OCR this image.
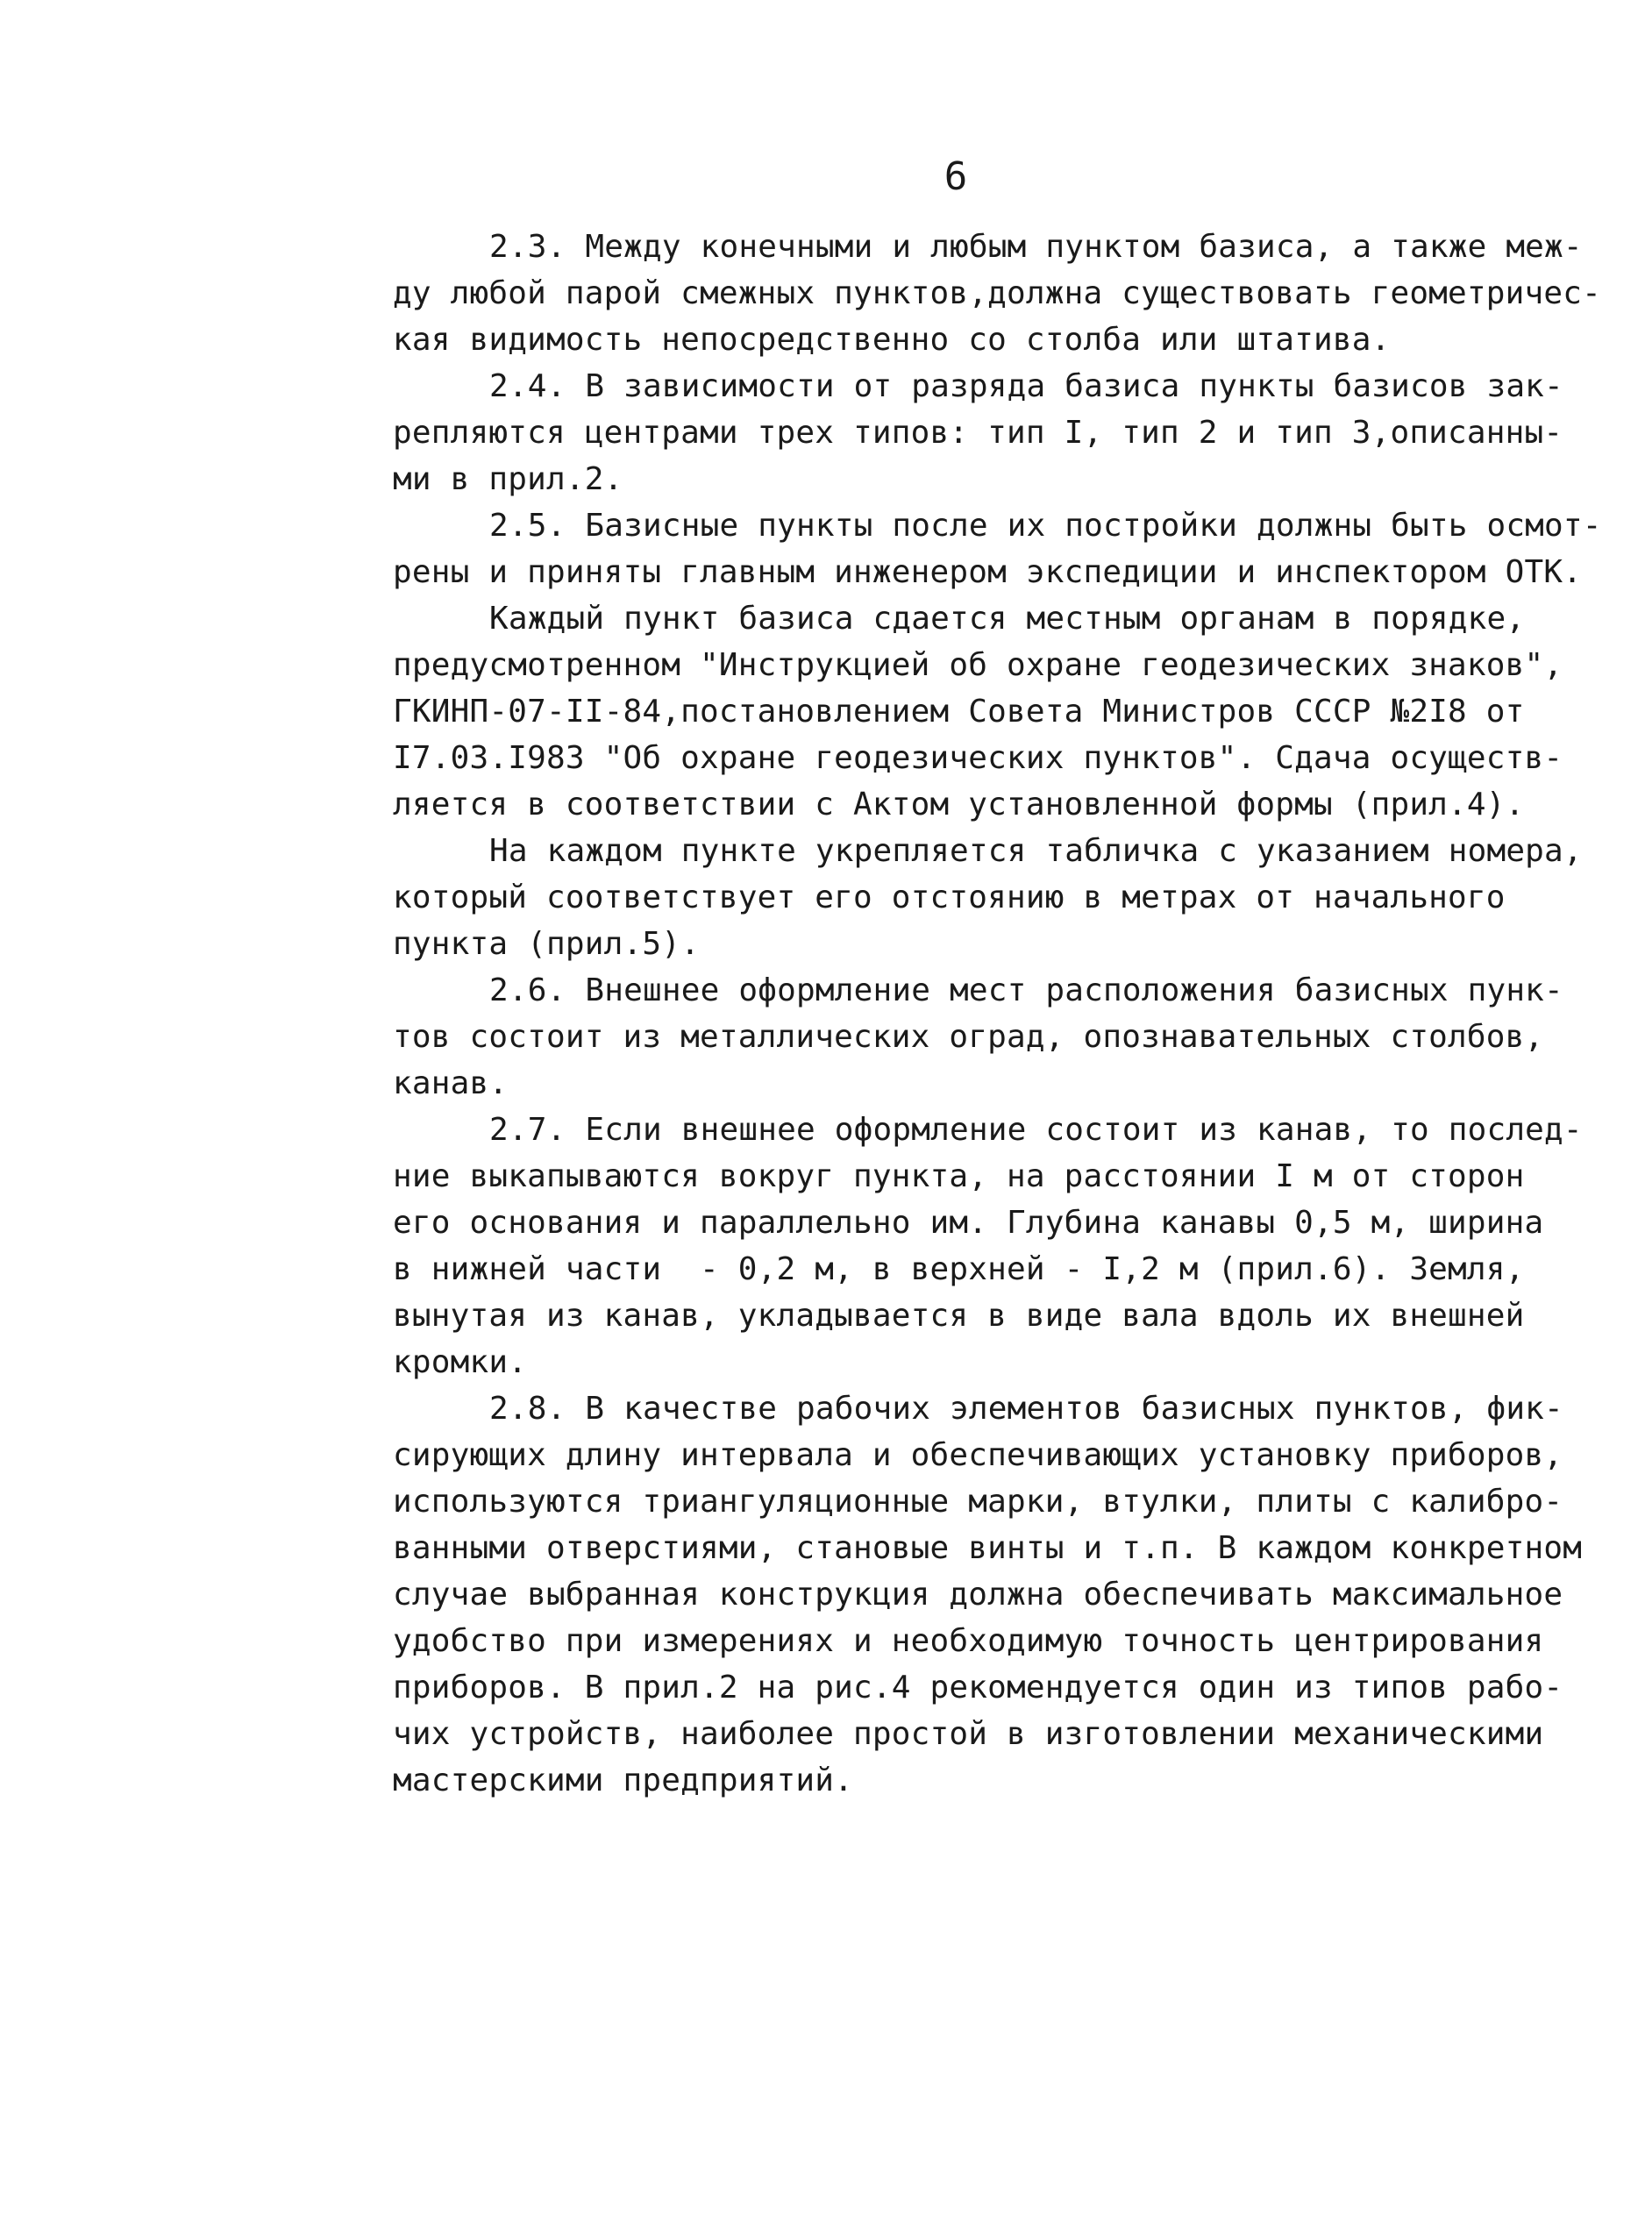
6
2.3. Между конечными и любым пунктом базиса, а также меж-
ду любой парой смежных пунктов,должна существовать геометричес-
кая видимость непосредственно со столба или штатива.
2.4. В зависимости от разряда базиса пункты базисов зак-
репляются центрами трех типов: тип I, тип 2 и тип 3,описанны-
ми в прил.2.
2.5. Базисные пункты после их постройки должны быть осмот-
рены и приняты главным инженером экспедиции и инспектором ОТК.
Каждый пункт базиса сдается местным органам в порядке,
предусмотренном "Инструкцией об охране геодезических знаков",
ГКИНП-07-II-84,постановлением Совета Министров СССР №2I8 от
I7.03.I983 "Об охране геодезических пунктов". Сдача осуществ-
ляется в соответствии с Актом установленной формы (прил.4).
На каждом пункте укрепляется табличка с указанием номера,
который соответствует его отстоянию в метрах от начального
пункта (прил.5).
2.6. Внешнее оформление мест расположения базисных пунк-
тов состоит из металлических оград, опознавательных столбов,
канав.
2.7. Если внешнее оформление состоит из канав, то послед-
ние выкапываются вокруг пункта, на расстоянии I м от сторон
его основания и параллельно им. Глубина канавы 0,5 м, ширина
в нижней части  - 0,2 м, в верхней - I,2 м (прил.6). Земля,
вынутая из канав, укладывается в виде вала вдоль их внешней
кромки.
2.8. В качестве рабочих элементов базисных пунктов, фик-
сирующих длину интервала и обеспечивающих установку приборов,
используются триангуляционные марки, втулки, плиты с калибро-
ванными отверстиями, становые винты и т.п. В каждом конкретном
случае выбранная конструкция должна обеспечивать максимальное
удобство при измерениях и необходимую точность центрирования
приборов. В прил.2 на рис.4 рекомендуется один из типов рабо-
чих устройств, наиболее простой в изготовлении механическими
мастерскими предприятий.
